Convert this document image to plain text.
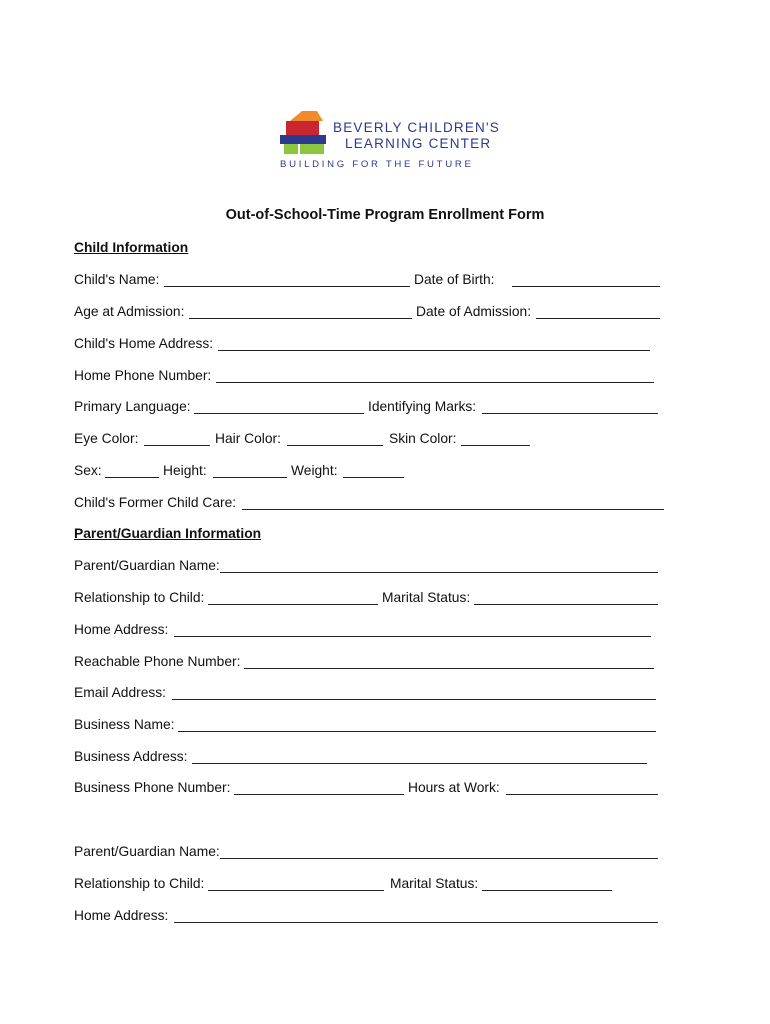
BEVERLY CHILDREN'S
LEARNING CENTER
BUILDING FOR THE FUTURE
Out-of-School-Time Program Enrollment Form
Child Information
Child's Name:	Date of Birth:
Age at Admission:	Date of Admission:
Child's Home Address:
Home Phone Number:
Primary Language:	Identifying Marks:
Eye Color:	Hair Color:	Skin Color:
Sex:	Height:	Weight:
Child's Former Child Care:
Parent/Guardian Information
Parent/Guardian Name:
Relationship to Child:	Marital Status:
Home Address:
Reachable Phone Number:
Email Address:
Business Name:
Business Address:
Business Phone Number:	Hours at Work:
Parent/Guardian Name:
Relationship to Child:	Marital Status:
Home Address:
